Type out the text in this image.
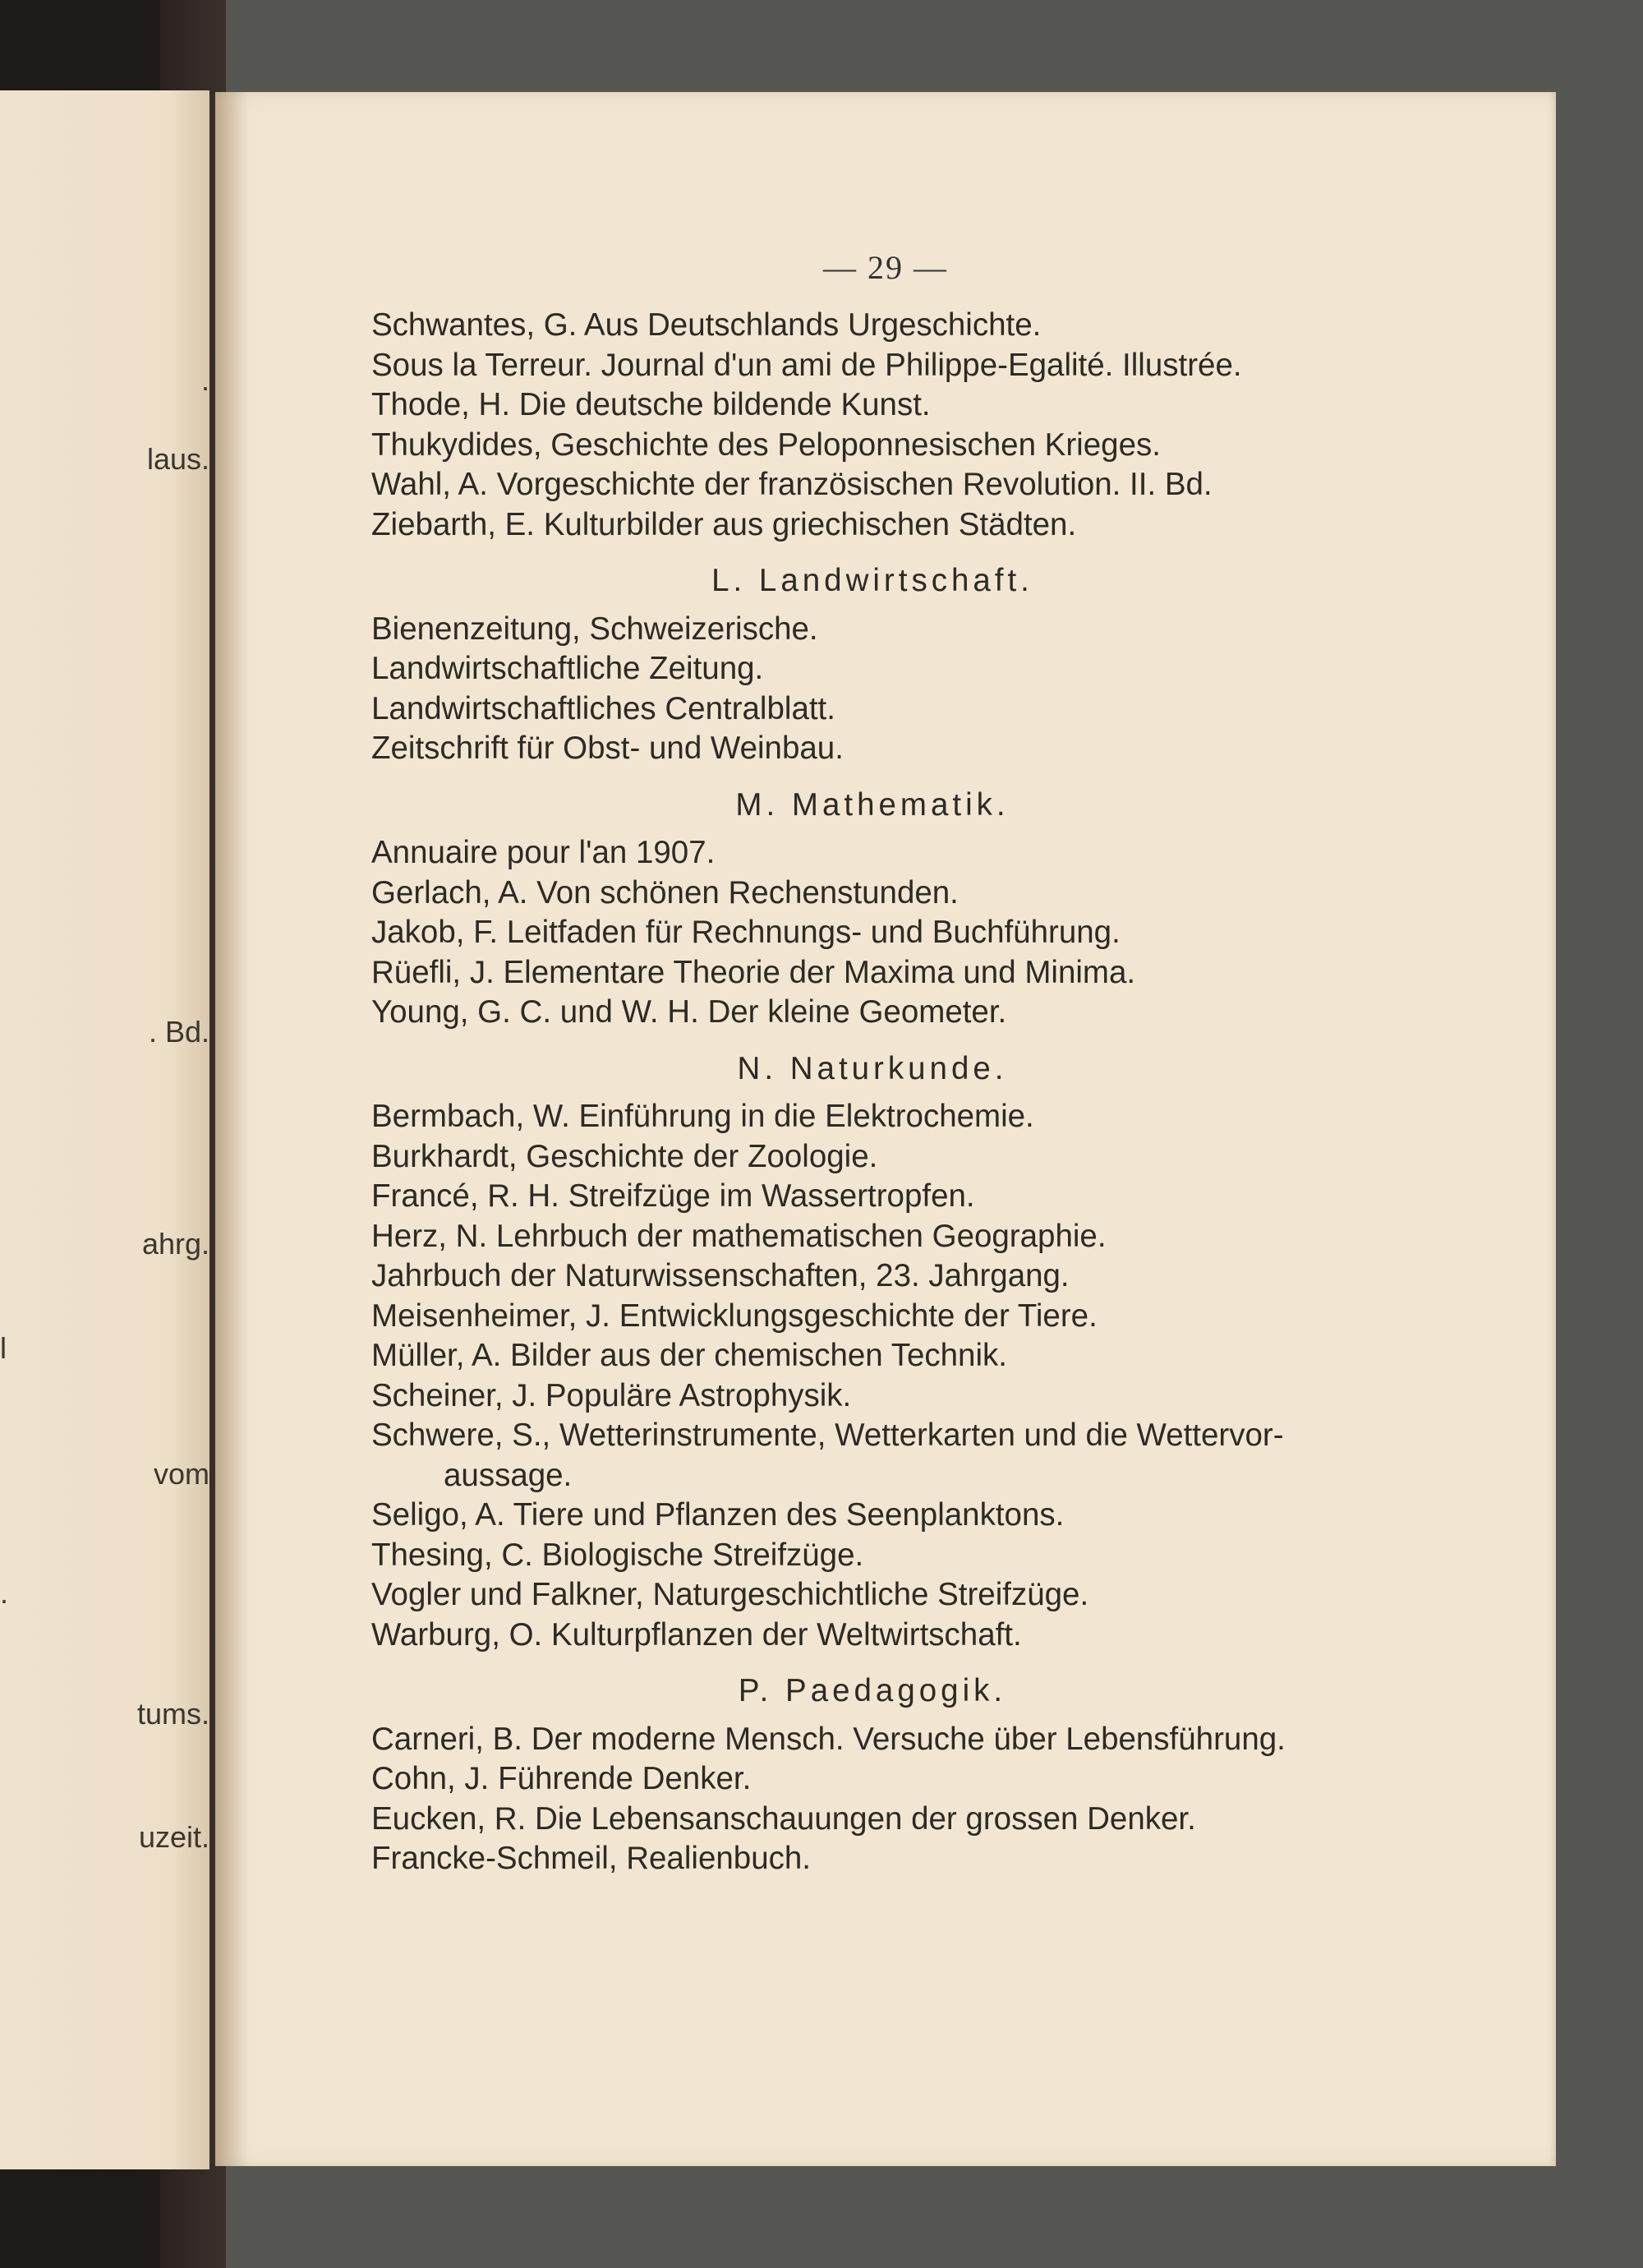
.
laus.
. Bd.
ahrg.
l
vom
.
tums.
uzeit.
— 29 —
Schwantes, G. Aus Deutschlands Urgeschichte.
Sous la Terreur. Journal d'un ami de Philippe-Egalité. Illustrée.
Thode, H. Die deutsche bildende Kunst.
Thukydides, Geschichte des Peloponnesischen Krieges.
Wahl, A. Vorgeschichte der französischen Revolution. II. Bd.
Ziebarth, E. Kulturbilder aus griechischen Städten.
L. Landwirtschaft.
Bienenzeitung, Schweizerische.
Landwirtschaftliche Zeitung.
Landwirtschaftliches Centralblatt.
Zeitschrift für Obst- und Weinbau.
M. Mathematik.
Annuaire pour l'an 1907.
Gerlach, A. Von schönen Rechenstunden.
Jakob, F. Leitfaden für Rechnungs- und Buchführung.
Rüefli, J. Elementare Theorie der Maxima und Minima.
Young, G. C. und W. H. Der kleine Geometer.
N. Naturkunde.
Bermbach, W. Einführung in die Elektrochemie.
Burkhardt, Geschichte der Zoologie.
Francé, R. H. Streifzüge im Wassertropfen.
Herz, N. Lehrbuch der mathematischen Geographie.
Jahrbuch der Naturwissenschaften, 23. Jahrgang.
Meisenheimer, J. Entwicklungsgeschichte der Tiere.
Müller, A. Bilder aus der chemischen Technik.
Scheiner, J. Populäre Astrophysik.
Schwere, S., Wetterinstrumente, Wetterkarten und die Wettervor-
aussage.
Seligo, A. Tiere und Pflanzen des Seenplanktons.
Thesing, C. Biologische Streifzüge.
Vogler und Falkner, Naturgeschichtliche Streifzüge.
Warburg, O. Kulturpflanzen der Weltwirtschaft.
P. Paedagogik.
Carneri, B. Der moderne Mensch. Versuche über Lebensführung.
Cohn, J. Führende Denker.
Eucken, R. Die Lebensanschauungen der grossen Denker.
Francke-Schmeil, Realienbuch.
